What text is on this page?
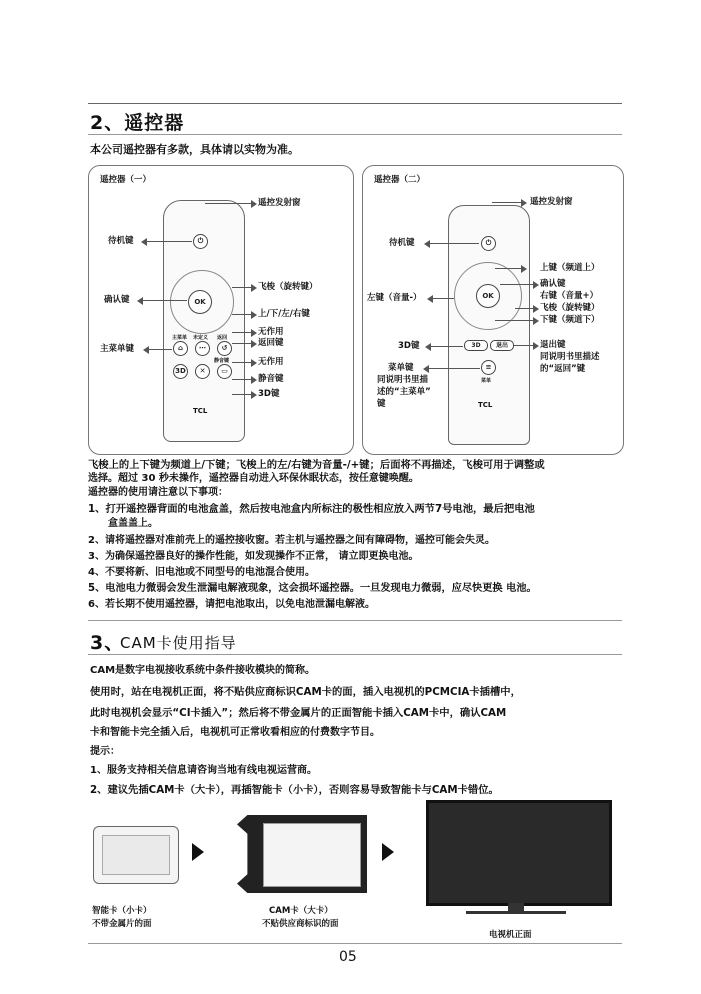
2、遥控器
本公司遥控器有多款，具体请以实物为准。
遥控器（一）
⏻
OK
主菜单 未定义 返回
⌂	⋯	↺
静音键
3D	✕	▭
TCL
遥控发射窗
待机键
飞梭（旋转键）
确认键
上/下/左/右键
无作用
返回键
主菜单键
无作用
静音键
3D键
遥控器（二）
⏻
OK
3D	退出
≡
菜单
TCL
遥控发射窗
待机键
上键（频道上）
确认键
右键（音量+）
左键（音量-）
飞梭（旋转键）
下键（频道下）
3D键	退出键
同说明书里描述
的“返回”键
菜单键
同说明书里描
述的“主菜单”
键
飞梭上的上下键为频道上/下键；飞梭上的左/右键为音量-/+键；后面将不再描述，飞梭可用于调整或
选择。超过 30 秒未操作，遥控器自动进入环保休眠状态，按任意键唤醒。
遥控器的使用请注意以下事项：
1、打开遥控器背面的电池盒盖，然后按电池盒内所标注的极性相应放入两节7号电池，最后把电池
盒盖盖上。
2、请将遥控器对准前壳上的遥控接收窗。若主机与遥控器之间有障碍物，遥控可能会失灵。
3、为确保遥控器良好的操作性能，如发现操作不正常， 请立即更换电池。
4、不要将新、旧电池或不同型号的电池混合使用。
5、电池电力微弱会发生泄漏电解液现象，这会损坏遥控器。一旦发现电力微弱，应尽快更换 电池。
6、若长期不使用遥控器，请把电池取出，以免电池泄漏电解液。
3、
CAM卡使用指导
CAM是数字电视接收系统中条件接收模块的简称。
使用时，站在电视机正面，将不贴供应商标识CAM卡的面，插入电视机的PCMCIA卡插槽中，
此时电视机会显示“CI卡插入”；然后将不带金属片的正面智能卡插入CAM卡中，确认CAM
卡和智能卡完全插入后，电视机可正常收看相应的付费数字节目。
提示：
1、服务支持相关信息请咨询当地有线电视运营商。
2、建议先插CAM卡（大卡），再插智能卡（小卡），否则容易导致智能卡与CAM卡错位。
智能卡（小卡）
不带金属片的面
CAM卡（大卡）
不贴供应商标识的面
电视机正面
05
